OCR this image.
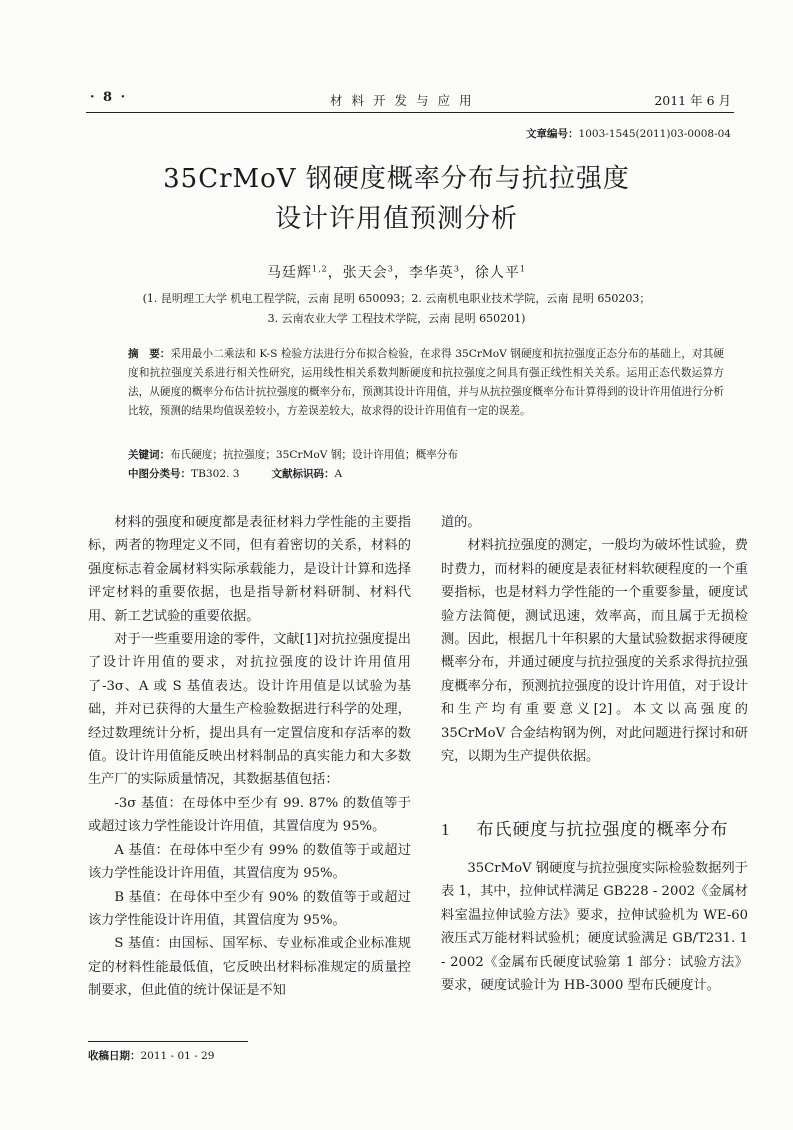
· 8 ·	材料开发与应用	2011 年 6 月
文章编号：1003-1545(2011)03-0008-04
35CrMoV 钢硬度概率分布与抗拉强度
设计许用值预测分析
马廷辉$^{1,2}$，张天会$^3$，李华英$^3$，徐人平$^1$
(1. 昆明理工大学 机电工程学院，云南 昆明 650093；2. 云南机电职业技术学院，云南 昆明 650203；
3. 云南农业大学 工程技术学院，云南 昆明 650201)
摘　要：采用最小二乘法和 K-S 检验方法进行分布拟合检验，在求得 35CrMoV 钢硬度和抗拉强度正态分布的基础上，对其硬度和抗拉强度关系进行相关性研究，运用线性相关系数判断硬度和抗拉强度之间具有强正线性相关关系。运用正态代数运算方法，从硬度的概率分布估计抗拉强度的概率分布，预测其设计许用值，并与从抗拉强度概率分布计算得到的设计许用值进行分析比较，预测的结果均值误差较小，方差误差较大，故求得的设计许用值有一定的误差。
关键词：布氏硬度；抗拉强度；35CrMoV 钢；设计许用值；概率分布
中图分类号：TB302. 3	文献标识码：A

材料的强度和硬度都是表征材料力学性能的主要指标，两者的物理定义不同，但有着密切的关系，材料的强度标志着金属材料实际承载能力，是设计计算和选择评定材料的重要依据，也是指导新材料研制、材料代用、新工艺试验的重要依据。

对于一些重要用途的零件，文献[1]对抗拉强度提出了设计许用值的要求，对抗拉强度的设计许用值用了-3σ、A 或 S 基值表达。设计许用值是以试验为基础，并对已获得的大量生产检验数据进行科学的处理，经过数理统计分析，提出具有一定置信度和存活率的数值。设计许用值能反映出材料制品的真实能力和大多数生产厂的实际质量情况，其数据基值包括：

-3σ 基值：在母体中至少有 99. 87% 的数值等于或超过该力学性能设计许用值，其置信度为 95%。

A 基值：在母体中至少有 99% 的数值等于或超过该力学性能设计许用值，其置信度为 95%。

B 基值：在母体中至少有 90% 的数值等于或超过该力学性能设计许用值，其置信度为 95%。

S 基值：由国标、国军标、专业标准或企业标准规定的材料性能最低值，它反映出材料标准规定的质量控制要求，但此值的统计保证是不知

道的。

材料抗拉强度的测定，一般均为破坏性试验，费时费力，而材料的硬度是表征材料软硬程度的一个重要指标，也是材料力学性能的一个重要参量，硬度试验方法简便，测试迅速，效率高，而且属于无损检测。因此，根据几十年积累的大量试验数据求得硬度概率分布，并通过硬度与抗拉强度的关系求得抗拉强度概率分布，预测抗拉强度的设计许用值，对于设计和生产均有重要意义[2]。本文以高强度的 35CrMoV 合金结构钢为例，对此问题进行探讨和研究，以期为生产提供依据。

1 布氏硬度与抗拉强度的概率分布

35CrMoV 钢硬度与抗拉强度实际检验数据列于表 1，其中，拉伸试样满足 GB228 - 2002《金属材料室温拉伸试验方法》要求，拉伸试验机为 WE-60 液压式万能材料试验机；硬度试验满足 GB/T231. 1 - 2002《金属布氏硬度试验第 1 部分：试验方法》要求，硬度试验计为 HB-3000 型布氏硬度计。

收稿日期：2011 - 01 - 29
